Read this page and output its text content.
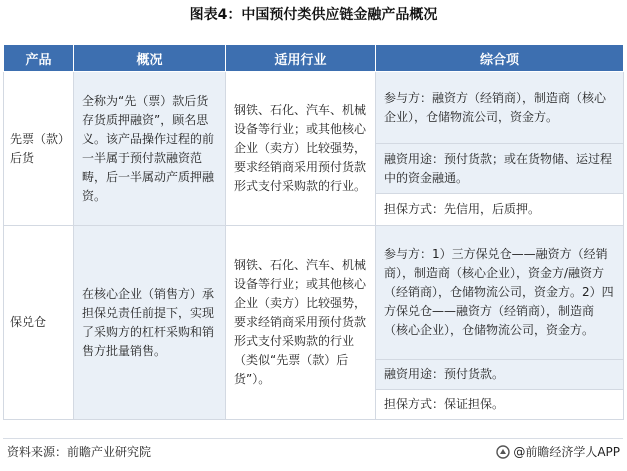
图表4：中国预付类供应链金融产品概况
产品	概况	适用行业	综合项
先票（款）后货	全称为“先（票）款后货存货质押融资”，顾名思义。该产品操作过程的前一半属于预付款融资范畴，后一半属动产质押融资。	钢铁、石化、汽车、机械设备等行业；或其他核心企业（卖方）比较强势，要求经销商采用预付货款形式支付采购款的行业。	参与方：融资方（经销商），制造商（核心企业），仓储物流公司，资金方。
			融资用途：预付货款；或在货物储、运过程中的资金融通。
			担保方式：先信用，后质押。
保兑仓	在核心企业（销售方）承担保兑责任前提下，实现了采购方的杠杆采购和销售方批量销售。	钢铁、石化、汽车、机械设备等行业；或其他核心企业（卖方）比较强势，要求经销商采用预付货款形式支付采购款的行业（类似“先票（款）后货”）。	参与方：1）三方保兑仓——融资方（经销商），制造商（核心企业），资金方/融资方（经销商），仓储物流公司，资金方。2）四方保兑仓——融资方（经销商），制造商（核心企业），仓储物流公司，资金方。
			融资用途：预付货款。
			担保方式：保证担保。
资料来源：前瞻产业研究院	@前瞻经济学人APP
